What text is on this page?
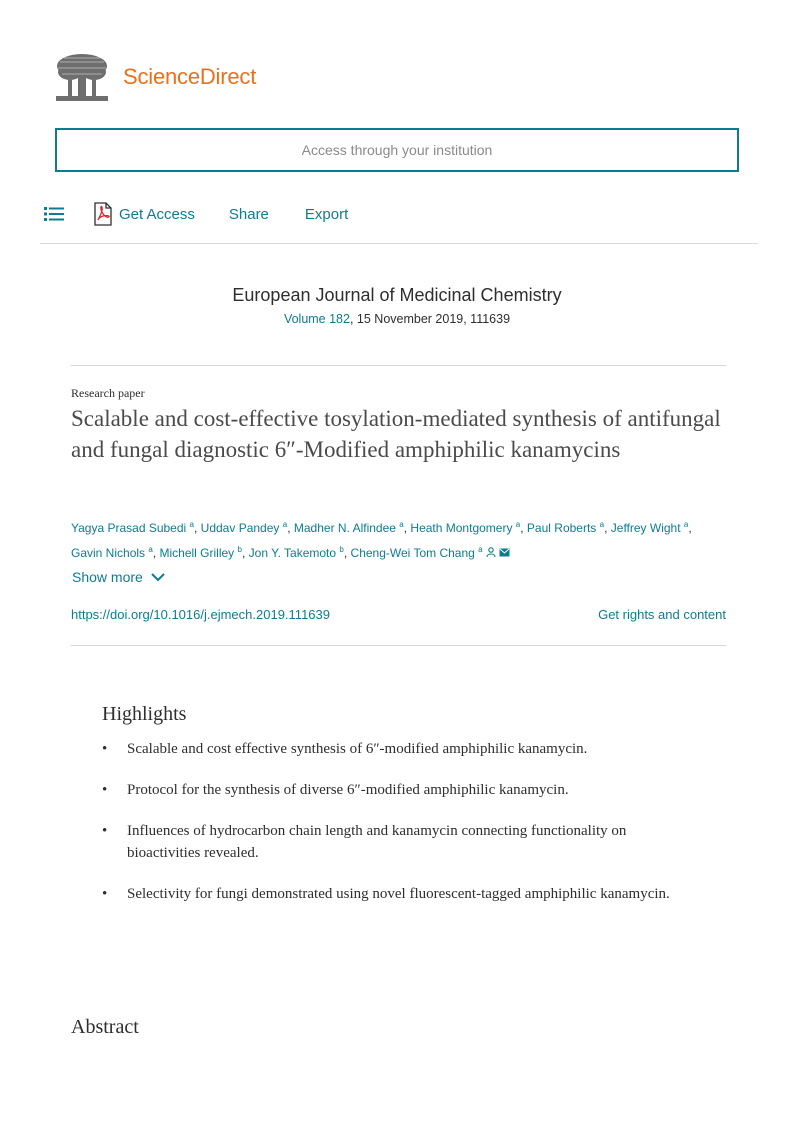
ScienceDirect
Access through your institution
Get Access Share Export
European Journal of Medicinal Chemistry
Volume 182, 15 November 2019, 111639
Research paper
Scalable and cost-effective tosylation-mediated synthesis of antifungal and fungal diagnostic 6″-Modified amphiphilic kanamycins
Yagya Prasad Subedi $^a$, Uddav Pandey $^a$, Madher N. Alfindee $^a$, Heath Montgomery $^a$, Paul Roberts $^a$, Jeffrey Wight $^a$,
Gavin Nichols $^a$, Michell Grilley $^b$, Jon Y. Takemoto $^b$, Cheng-Wei Tom Chang $^a$
Show more
https://doi.org/10.1016/j.ejmech.2019.111639	Get rights and content
Highlights
• Scalable and cost effective synthesis of 6″-modified amphiphilic kanamycin.
• Protocol for the synthesis of diverse 6″-modified amphiphilic kanamycin.
• Influences of hydrocarbon chain length and kanamycin connecting functionality on bioactivities revealed.
• Selectivity for fungi demonstrated using novel fluorescent-tagged amphiphilic kanamycin.
Abstract
